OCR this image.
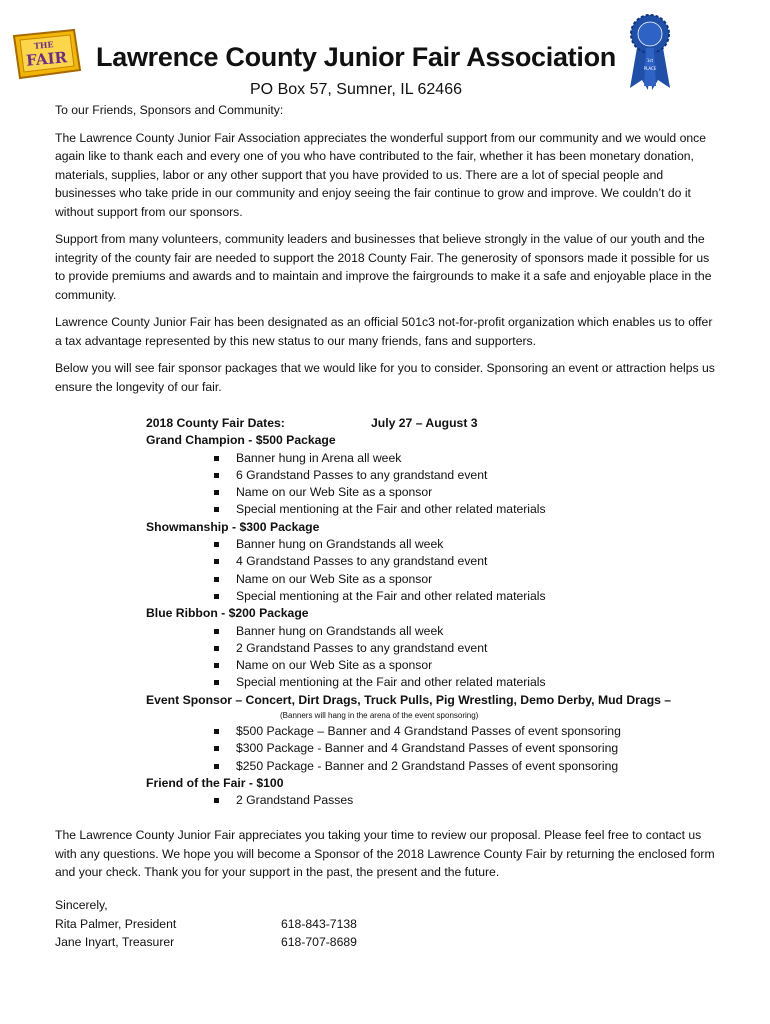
THE
FAIR Lawrence County Junior Fair Association

PO Box 57, Sumner, IL 62466

1st
PLACE

To our Friends, Sponsors and Community:

The Lawrence County Junior Fair Association appreciates the wonderful support from our community and we would once again like to thank each and every one of you who have contributed to the fair, whether it has been monetary donation, materials, supplies, labor or any other support that you have provided to us. There are a lot of special people and businesses who take pride in our community and enjoy seeing the fair continue to grow and improve. We couldn’t do it without support from our sponsors.

Support from many volunteers, community leaders and businesses that believe strongly in the value of our youth and the integrity of the county fair are needed to support the 2018 County Fair. The generosity of sponsors made it possible for us to provide premiums and awards and to maintain and improve the fairgrounds to make it a safe and enjoyable place in the community.

Lawrence County Junior Fair has been designated as an official 501c3 not-for-profit organization which enables us to offer a tax advantage represented by this new status to our many friends, fans and supporters.

Below you will see fair sponsor packages that we would like for you to consider. Sponsoring an event or attraction helps us ensure the longevity of our fair.

2018 County Fair Dates:	July 27 – August 3
Grand Champion - $500 Package
Banner hung in Arena all week
6 Grandstand Passes to any grandstand event
Name on our Web Site as a sponsor
Special mentioning at the Fair and other related materials
Showmanship - $300 Package
Banner hung on Grandstands all week
4 Grandstand Passes to any grandstand event
Name on our Web Site as a sponsor
Special mentioning at the Fair and other related materials
Blue Ribbon - $200 Package
Banner hung on Grandstands all week
2 Grandstand Passes to any grandstand event
Name on our Web Site as a sponsor
Special mentioning at the Fair and other related materials
Event Sponsor – Concert, Dirt Drags, Truck Pulls, Pig Wrestling, Demo Derby, Mud Drags –
(Banners will hang in the arena of the event sponsoring)
$500 Package – Banner and 4 Grandstand Passes of event sponsoring
$300 Package - Banner and 4 Grandstand Passes of event sponsoring
$250 Package - Banner and 2 Grandstand Passes of event sponsoring
Friend of the Fair - $100
2 Grandstand Passes

The Lawrence County Junior Fair appreciates you taking your time to review our proposal. Please feel free to contact us with any questions. We hope you will become a Sponsor of the 2018 Lawrence County Fair by returning the enclosed form and your check. Thank you for your support in the past, the present and the future.

Sincerely,
Rita Palmer, President	618-843-7138
Jane Inyart, Treasurer	618-707-8689
